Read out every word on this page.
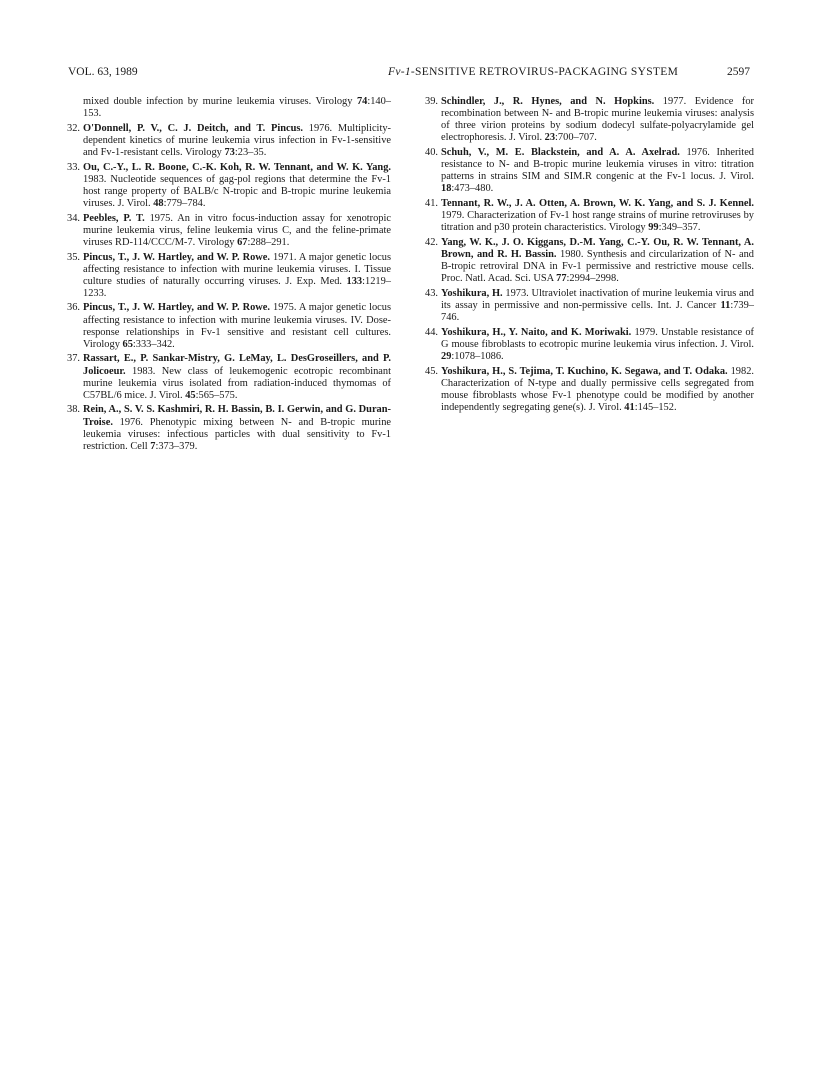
VOL. 63, 1989	Fv-1-SENSITIVE RETROVIRUS-PACKAGING SYSTEM	2597

mixed double infection by murine leukemia viruses. Virology 74:140–153.

32. O'Donnell, P. V., C. J. Deitch, and T. Pincus. 1976. Multiplicity-dependent kinetics of murine leukemia virus infection in Fv-1-sensitive and Fv-1-resistant cells. Virology 73:23–35.

33. Ou, C.-Y., L. R. Boone, C.-K. Koh, R. W. Tennant, and W. K. Yang. 1983. Nucleotide sequences of gag-pol regions that determine the Fv-1 host range property of BALB/c N-tropic and B-tropic murine leukemia viruses. J. Virol. 48:779–784.

34. Peebles, P. T. 1975. An in vitro focus-induction assay for xenotropic murine leukemia virus, feline leukemia virus C, and the feline-primate viruses RD-114/CCC/M-7. Virology 67:288–291.

35. Pincus, T., J. W. Hartley, and W. P. Rowe. 1971. A major genetic locus affecting resistance to infection with murine leukemia viruses. I. Tissue culture studies of naturally occurring viruses. J. Exp. Med. 133:1219–1233.

36. Pincus, T., J. W. Hartley, and W. P. Rowe. 1975. A major genetic locus affecting resistance to infection with murine leukemia viruses. IV. Dose-response relationships in Fv-1 sensitive and resistant cell cultures. Virology 65:333–342.

37. Rassart, E., P. Sankar-Mistry, G. LeMay, L. DesGroseillers, and P. Jolicoeur. 1983. New class of leukemogenic ecotropic recombinant murine leukemia virus isolated from radiation-induced thymomas of C57BL/6 mice. J. Virol. 45:565–575.

38. Rein, A., S. V. S. Kashmiri, R. H. Bassin, B. I. Gerwin, and G. Duran-Troise. 1976. Phenotypic mixing between N- and B-tropic murine leukemia viruses: infectious particles with dual sensitivity to Fv-1 restriction. Cell 7:373–379.

39. Schindler, J., R. Hynes, and N. Hopkins. 1977. Evidence for recombination between N- and B-tropic murine leukemia viruses: analysis of three virion proteins by sodium dodecyl sulfate-polyacrylamide gel electrophoresis. J. Virol. 23:700–707.

40. Schuh, V., M. E. Blackstein, and A. A. Axelrad. 1976. Inherited resistance to N- and B-tropic murine leukemia viruses in vitro: titration patterns in strains SIM and SIM.R congenic at the Fv-1 locus. J. Virol. 18:473–480.

41. Tennant, R. W., J. A. Otten, A. Brown, W. K. Yang, and S. J. Kennel. 1979. Characterization of Fv-1 host range strains of murine retroviruses by titration and p30 protein characteristics. Virology 99:349–357.

42. Yang, W. K., J. O. Kiggans, D.-M. Yang, C.-Y. Ou, R. W. Tennant, A. Brown, and R. H. Bassin. 1980. Synthesis and circularization of N- and B-tropic retroviral DNA in Fv-1 permissive and restrictive mouse cells. Proc. Natl. Acad. Sci. USA 77:2994–2998.

43. Yoshikura, H. 1973. Ultraviolet inactivation of murine leukemia virus and its assay in permissive and non-permissive cells. Int. J. Cancer 11:739–746.

44. Yoshikura, H., Y. Naito, and K. Moriwaki. 1979. Unstable resistance of G mouse fibroblasts to ecotropic murine leukemia virus infection. J. Virol. 29:1078–1086.

45. Yoshikura, H., S. Tejima, T. Kuchino, K. Segawa, and T. Odaka. 1982. Characterization of N-type and dually permissive cells segregated from mouse fibroblasts whose Fv-1 phenotype could be modified by another independently segregating gene(s). J. Virol. 41:145–152.
